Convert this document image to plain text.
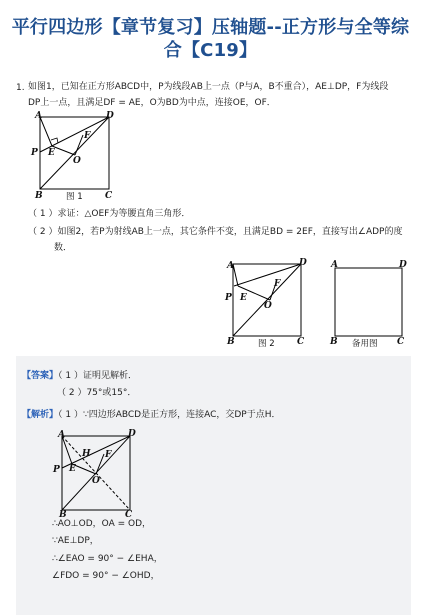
平行四边形【章节复习】压轴题--正方形与全等综
合【C19】
1. 如图1，已知在正方形ABCD中，P为线段AB上一点（P与A，B不重合），AE⊥DP，F为线段
DP上一点，且满足DF = AE，O为BD为中点，连接OE，OF．
A	D
P E
F
O
B	C
图 1
（ 1 ）求证：△OEF为等腰直角三角形．
（ 2 ）如图2，若P为射线AB上一点，其它条件不变，且满足BD = 2EF，直接写出∠ADP的度
数．
A	D
P E
F
O
B	C
图 2
A	D
B	C
备用图
【答案】（ 1 ）证明见解析．
（ 2 ）75°或15°．
【解析】（ 1 ）∵四边形ABCD是正方形，连接AC，交DP于点H．
A	D
H F
P E
O
B	C
∴AO⊥OD，OA = OD，
∵AE⊥DP，
∴∠EAO = 90° − ∠EHA，
∠FDO = 90° − ∠OHD，
